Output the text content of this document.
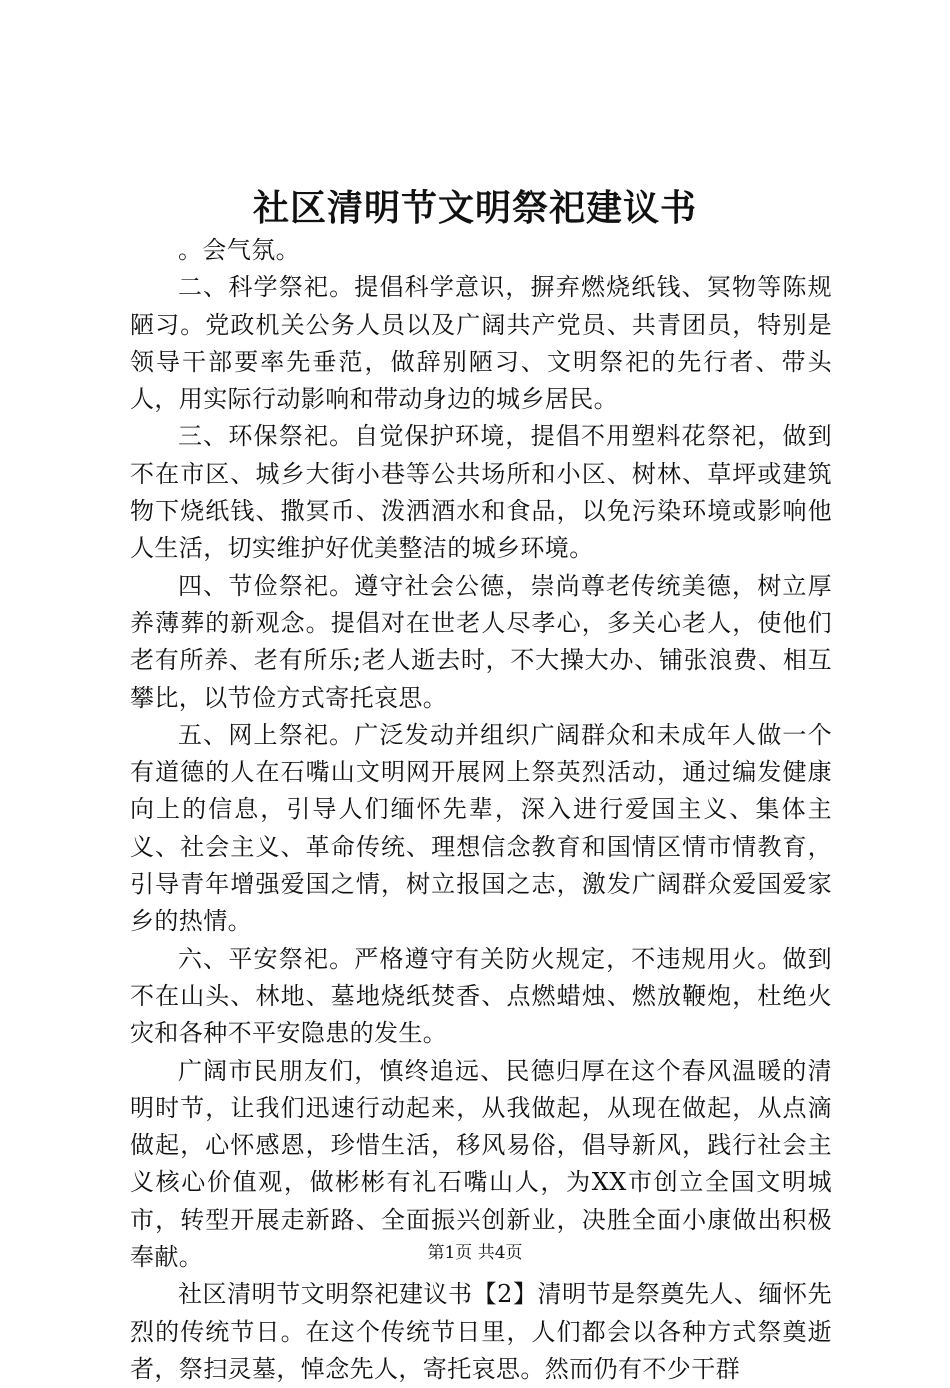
社区清明节文明祭祀建议书

。会气氛。

二、科学祭祀。提倡科学意识，摒弃燃烧纸钱、冥物等陈规陋习。党政机关公务人员以及广阔共产党员、共青团员，特别是领导干部要率先垂范，做辞别陋习、文明祭祀的先行者、带头人，用实际行动影响和带动身边的城乡居民。

三、环保祭祀。自觉保护环境，提倡不用塑料花祭祀，做到不在市区、城乡大街小巷等公共场所和小区、树林、草坪或建筑物下烧纸钱、撒冥币、泼洒酒水和食品，以免污染环境或影响他人生活，切实维护好优美整洁的城乡环境。

四、节俭祭祀。遵守社会公德，崇尚尊老传统美德，树立厚养薄葬的新观念。提倡对在世老人尽孝心，多关心老人，使他们老有所养、老有所乐;老人逝去时，不大操大办、铺张浪费、相互攀比，以节俭方式寄托哀思。

五、网上祭祀。广泛发动并组织广阔群众和未成年人做一个有道德的人在石嘴山文明网开展网上祭英烈活动，通过编发健康向上的信息，引导人们缅怀先辈，深入进行爱国主义、集体主义、社会主义、革命传统、理想信念教育和国情区情市情教育，引导青年增强爱国之情，树立报国之志，激发广阔群众爱国爱家乡的热情。

六、平安祭祀。严格遵守有关防火规定，不违规用火。做到不在山头、林地、墓地烧纸焚香、点燃蜡烛、燃放鞭炮，杜绝火灾和各种不平安隐患的发生。

广阔市民朋友们，慎终追远、民德归厚在这个春风温暖的清明时节，让我们迅速行动起来，从我做起，从现在做起，从点滴做起，心怀感恩，珍惜生活，移风易俗，倡导新风，践行社会主义核心价值观，做彬彬有礼石嘴山人，为XX市创立全国文明城市，转型开展走新路、全面振兴创新业，决胜全面小康做出积极奉献。

社区清明节文明祭祀建议书【2】清明节是祭奠先人、缅怀先烈的传统节日。在这个传统节日里，人们都会以各种方式祭奠逝者，祭扫灵墓，悼念先人，寄托哀思。然而仍有不少干群

第1页 共4页
